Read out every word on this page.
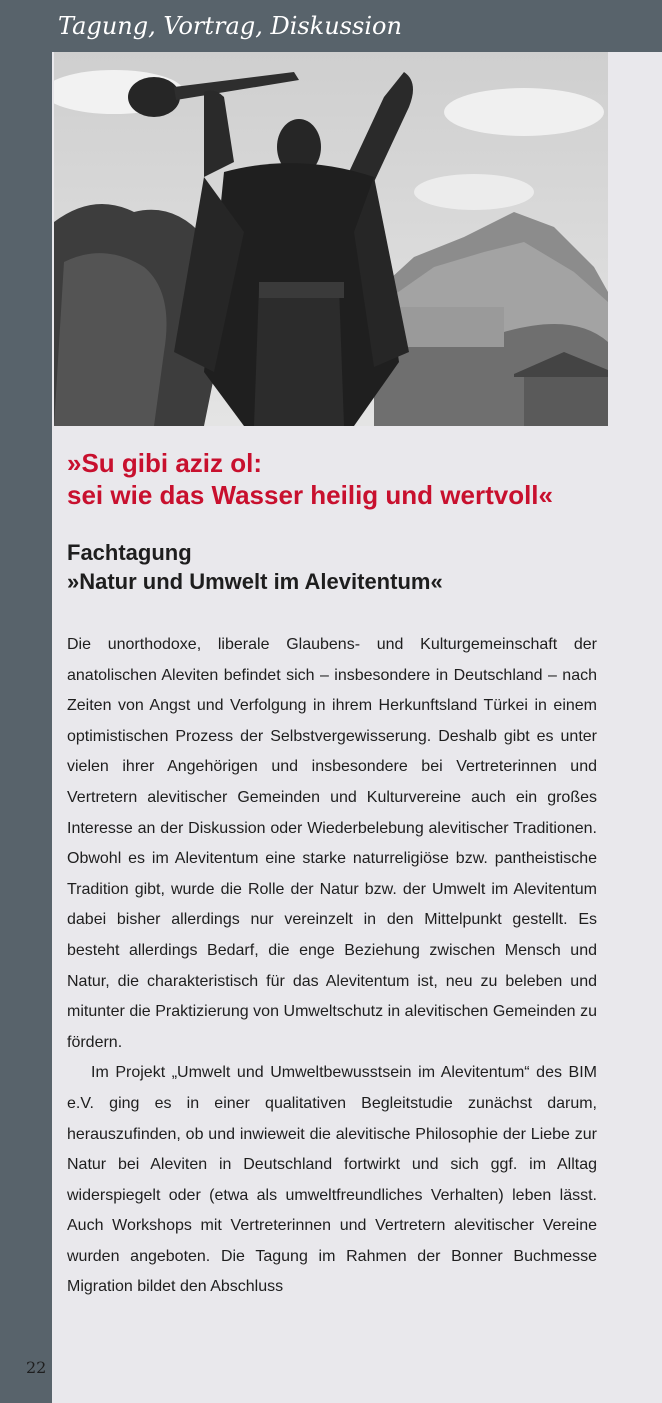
Tagung, Vortrag, Diskussion
»Su gibi aziz ol:
sei wie das Wasser heilig und wertvoll«
Fachtagung
»Natur und Umwelt im Alevitentum«

Die unorthodoxe, liberale Glaubens- und Kulturgemeinschaft der anatolischen Aleviten befindet sich – insbesondere in Deutschland – nach Zeiten von Angst und Verfolgung in ihrem Herkunftsland Türkei in einem optimistischen Prozess der Selbstvergewisserung. Deshalb gibt es unter vielen ihrer Angehörigen und insbesondere bei Vertreterinnen und Vertretern alevitischer Gemeinden und Kulturvereine auch ein großes Interesse an der Diskussion oder Wiederbelebung alevitischer Traditionen. Obwohl es im Alevitentum eine starke naturreligiöse bzw. pantheistische Tradition gibt, wurde die Rolle der Natur bzw. der Umwelt im Alevitentum dabei bisher allerdings nur vereinzelt in den Mittelpunkt gestellt. Es besteht allerdings Bedarf, die enge Beziehung zwischen Mensch und Natur, die charakteristisch für das Alevitentum ist, neu zu beleben und mitunter die Praktizierung von Umweltschutz in alevitischen Gemeinden zu fördern.

Im Projekt „Umwelt und Umweltbewusstsein im Alevitentum“ des BIM e.V. ging es in einer qualitativen Begleitstudie zunächst darum, herauszufinden, ob und inwieweit die alevitische Philosophie der Liebe zur Natur bei Aleviten in Deutschland fortwirkt und sich ggf. im Alltag widerspiegelt oder (etwa als umweltfreundliches Verhalten) leben lässt. Auch Workshops mit Vertreterinnen und Vertretern alevitischer Vereine wurden angeboten. Die Tagung im Rahmen der Bonner Buchmesse Migration bildet den Abschluss

22
